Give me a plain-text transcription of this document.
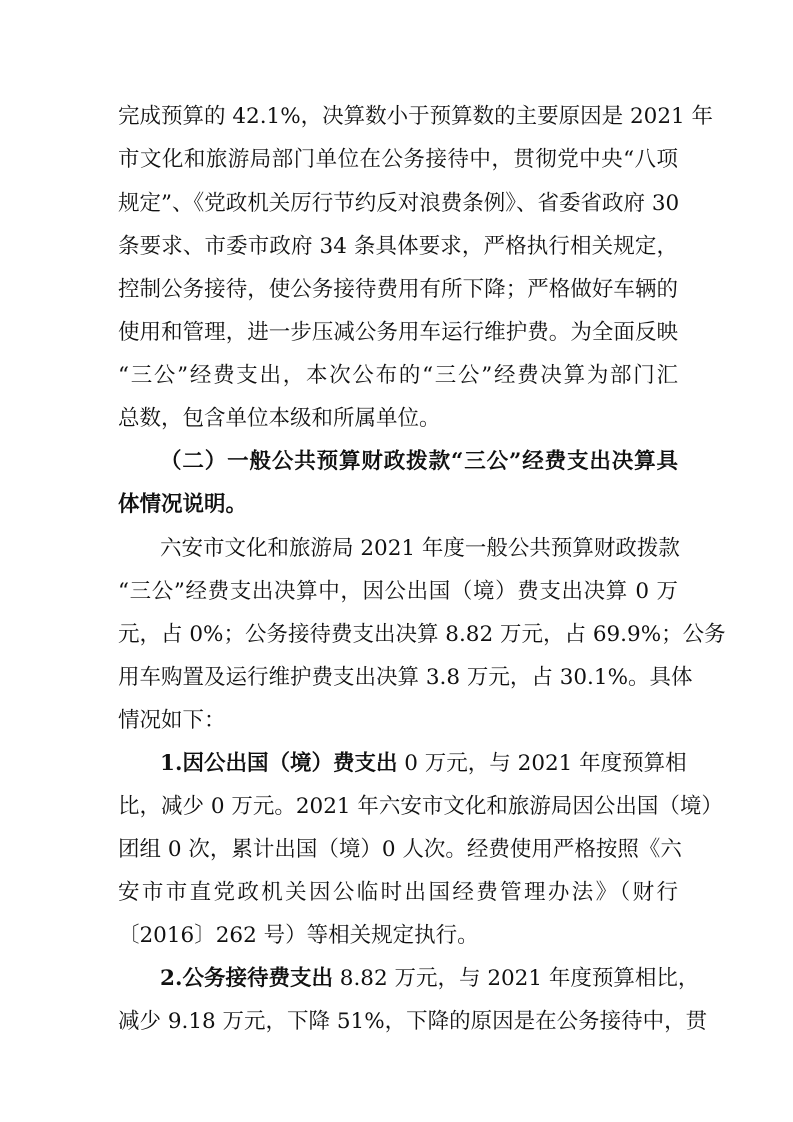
完成预算的 42.1%，决算数小于预算数的主要原因是 2021 年
市文化和旅游局部门单位在公务接待中，贯彻党中央“八项
规定”、《党政机关厉行节约反对浪费条例》、省委省政府 30
条要求、市委市政府 34 条具体要求，严格执行相关规定，
控制公务接待，使公务接待费用有所下降；严格做好车辆的
使用和管理，进一步压减公务用车运行维护费。为全面反映
“三公”经费支出，本次公布的“三公”经费决算为部门汇
总数，包含单位本级和所属单位。
（二）一般公共预算财政拨款“三公”经费支出决算具
体情况说明。
六安市文化和旅游局 2021 年度一般公共预算财政拨款
“三公”经费支出决算中，因公出国（境）费支出决算 0 万
元，占 0%；公务接待费支出决算 8.82 万元，占 69.9%；公务
用车购置及运行维护费支出决算 3.8 万元，占 30.1%。具体
情况如下：
1.因公出国（境）费支出 0 万元，与 2021 年度预算相
比，减少 0 万元。2021 年六安市文化和旅游局因公出国（境）
团组 0 次，累计出国（境）0 人次。经费使用严格按照《六
安市市直党政机关因公临时出国经费管理办法》（财行
〔2016〕262 号）等相关规定执行。
2.公务接待费支出 8.82 万元，与 2021 年度预算相比，
减少 9.18 万元，下降 51%，下降的原因是在公务接待中，贯
